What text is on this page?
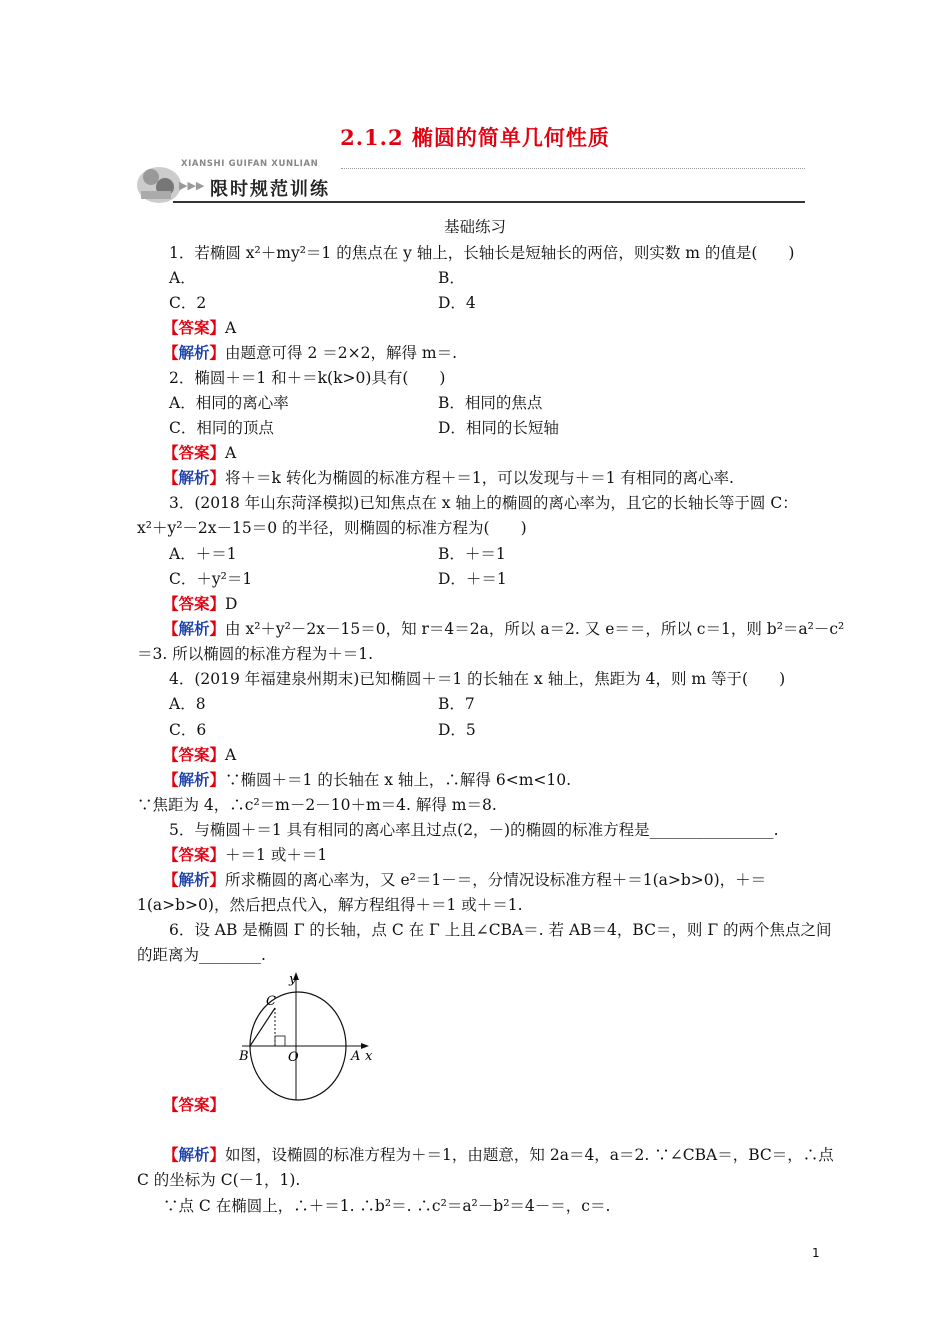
2.1.2 椭圆的简单几何性质
XIANSHI GUIFAN XUNLIAN
▶▶▶ 限时规范训练
基础练习
1．若椭圆 x²＋my²＝1 的焦点在 y 轴上，长轴长是短轴长的两倍，则实数 m 的值是(　　)
A．	B．
C．2	D．4
【答案】A
【解析】由题意可得 2 ＝2×2，解得 m＝.
2．椭圆＋＝1 和＋＝k(k>0)具有(　　)
A．相同的离心率	B．相同的焦点
C．相同的顶点	D．相同的长短轴
【答案】A
【解析】将＋＝k 转化为椭圆的标准方程＋＝1，可以发现与＋＝1 有相同的离心率.
3．(2018 年山东菏泽模拟)已知焦点在 x 轴上的椭圆的离心率为，且它的长轴长等于圆 C：
x²＋y²－2x－15＝0 的半径，则椭圆的标准方程为(　　)
A．＋＝1	B．＋＝1
C．＋y²＝1	D．＋＝1
【答案】D
【解析】由 x²＋y²－2x－15＝0，知 r＝4＝2a，所以 a＝2. 又 e＝＝，所以 c＝1，则 b²＝a²－c²
＝3. 所以椭圆的标准方程为＋＝1.
4．(2019 年福建泉州期末)已知椭圆＋＝1 的长轴在 x 轴上，焦距为 4，则 m 等于(　　)
A．8	B．7
C．6	D．5
【答案】A
【解析】∵椭圆＋＝1 的长轴在 x 轴上，∴解得 6<m<10.
∵焦距为 4，∴c²＝m－2－10＋m＝4. 解得 m＝8.
5．与椭圆＋＝1 具有相同的离心率且过点(2，－)的椭圆的标准方程是________________.
【答案】＋＝1 或＋＝1
【解析】所求椭圆的离心率为，又 e²＝1－＝，分情况设标准方程＋＝1(a>b>0)，＋＝
1(a>b>0)，然后把点代入，解方程组得＋＝1 或＋＝1.
6．设 AB 是椭圆 Γ 的长轴，点 C 在 Γ 上且∠CBA＝. 若 AB＝4，BC＝，则 Γ 的两个焦点之间
的距离为________.
y
x
C
B	O	A
【答案】
【解析】如图，设椭圆的标准方程为＋＝1，由题意，知 2a＝4，a＝2. ∵∠CBA＝，BC＝，∴点
C 的坐标为 C(－1，1).
∵点 C 在椭圆上，∴＋＝1. ∴b²＝. ∴c²＝a²－b²＝4－＝，c＝.
1
